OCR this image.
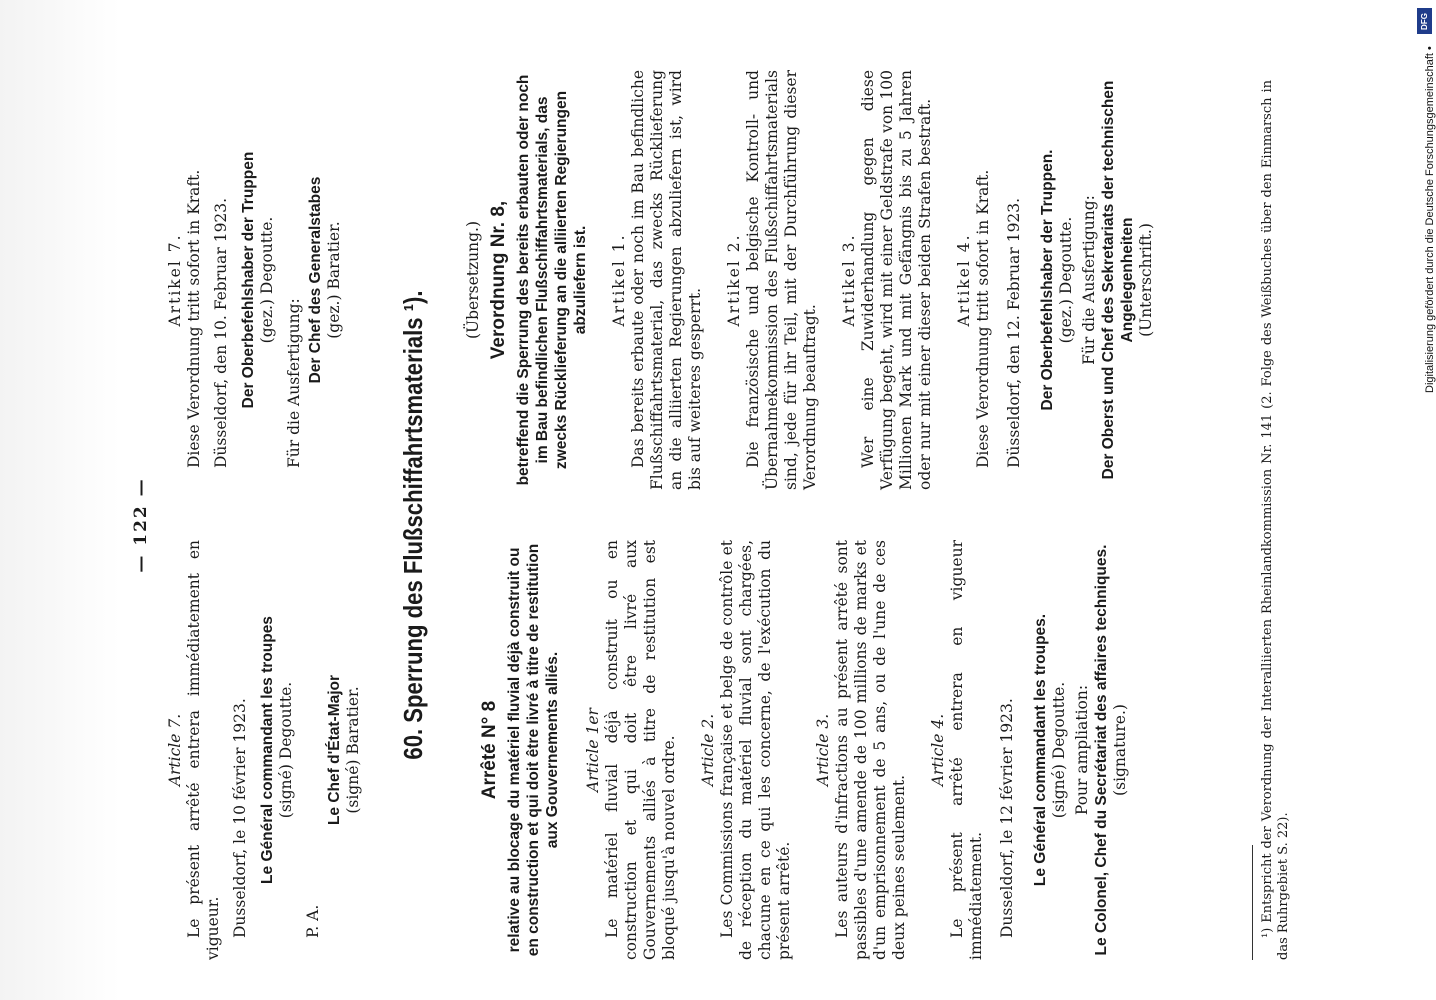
— 122 —

Article 7. Le présent arrêté entrera immédiatement en vigueur. Dusseldorf, le 10 février 1923. Le Général commandant les troupes (signé) Degoutte.

P. A.

Le Chef d'État-Major (signé) Baratier.

Artikel 7. Diese Verordnung tritt sofort in Kraft. Düsseldorf, den 10. Februar 1923. Der Oberbefehlshaber der Truppen (gez.) Degoutte.

Für die Ausfertigung: Der Chef des Generalstabes (gez.) Baratier.

60. Sperrung des Flußschiffahrtsmaterials ¹).	Arrêté N° 8 relative au blocage du matériel fluvial déjà construit ou en construction et qui doit être livré à titre de restitution aux Gouvernements alliés. Article 1er Le matériel fluvial déjà construit ou en construction et qui doit être livré aux Gouvernements alliés à titre de restitution est bloqué jusqu'à nouvel ordre. Article 2. Les Commissions française et belge de contrôle et de réception du matériel fluvial sont chargées, chacune en ce qui les concerne, de l'exécution du présent arrêté.

Article 3. Les auteurs d'infractions au présent arrêté sont passibles d'une amende de 100 millions de marks et d'un emprisonnement de 5 ans, ou de l'une de ces deux peines seulement.

Article 4. Le présent arrêté entrera en vigueur immédiatement. Dusseldorf, le 12 février 1923. Le Général commandant les troupes. (signé) Degoutte. Pour ampliation: Le Colonel, Chef du Secrétariat des affaires techniques. (signature.)

(Übersetzung.) Verordnung Nr. 8, betreffend die Sperrung des bereits erbauten oder noch im Bau befindlichen Flußschiffahrtsmaterials, das zwecks Rücklieferung an die alliierten Regierungen abzuliefern ist. Artikel 1. Das bereits erbaute oder noch im Bau befindliche Flußschiffahrtsmaterial, das zwecks Rücklieferung an die alliierten Regierungen abzuliefern ist, wird bis auf weiteres gesperrt.

Artikel 2. Die französische und belgische Kontroll- und Übernahmekommission des Flußschiffahrtsmaterials sind, jede für ihr Teil, mit der Durchführung dieser Verordnung beauftragt.

Artikel 3. Wer eine Zuwiderhandlung gegen diese Verfügung begeht, wird mit einer Geldstrafe von 100 Millionen Mark und mit Gefängnis bis zu 5 Jahren oder nur mit einer dieser beiden Strafen bestraft. Artikel 4. Diese Verordnung tritt sofort in Kraft. Düsseldorf, den 12. Februar 1923. Der Oberbefehlshaber der Truppen. (gez.) Degoutte. Für die Ausfertigung: Der Oberst und Chef des Sekretariats der technischen Angelegenheiten (Unterschrift.)	¹) Entspricht der Verordnung der Interalliierten Rheinlandkommission Nr. 141 (2. Folge des Weißbuches über den Einmarsch in das Ruhrgebiet S. 22).

DFG
Digitalisierung gefördert durch die Deutsche Forschungsgemeinschaft •
